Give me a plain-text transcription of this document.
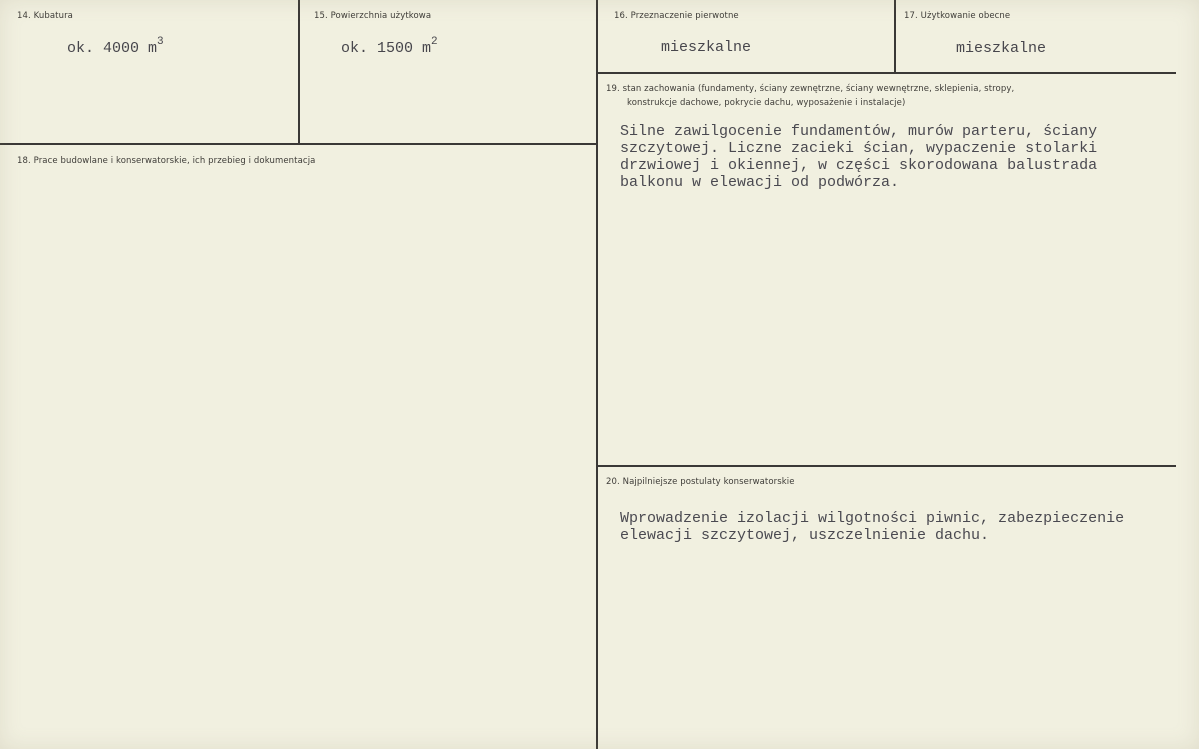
14. Kubatura
ok. 4000 $m^3$
15. Powierzchnia użytkowa
ok. 1500 $m^2$
16. Przeznaczenie pierwotne
mieszkalne
17. Użytkowanie obecne
mieszkalne
18. Prace budowlane i konserwatorskie, ich przebieg i dokumentacja
19. stan zachowania (fundamenty, ściany zewnętrzne, ściany wewnętrzne, sklepienia, stropy,
konstrukcje dachowe, pokrycie dachu, wyposażenie i instalacje)
Silne zawilgocenie fundamentów, murów parteru, ściany
szczytowej. Liczne zacieki ścian, wypaczenie stolarki
drzwiowej i okiennej, w części skorodowana balustrada
balkonu w elewacji od podwórza.
20. Najpilniejsze postulaty konserwatorskie
Wprowadzenie izolacji wilgotności piwnic, zabezpieczenie
elewacji szczytowej, uszczelnienie dachu.
